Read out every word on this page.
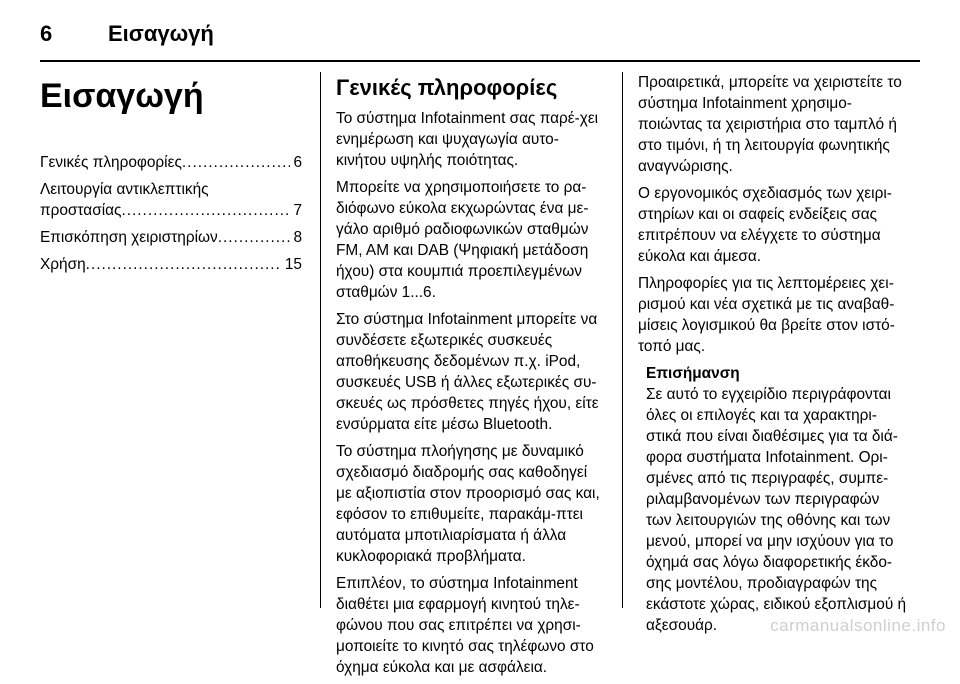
6	Εισαγωγή
Εισαγωγή
Γενικές πληροφορίες .....	6
Λειτουργία αντικλεπτικής
προστασίας .....	7
Επισκόπηση χειριστηρίων .....	8
Χρήση .....	15
Γενικές πληροφορίες

Το σύστημα Infotainment σας παρέ-χει ενημέρωση και ψυχαγωγία αυτο-κινήτου υψηλής ποιότητας.

Μπορείτε να χρησιμοποιήσετε το ρα-διόφωνο εύκολα εκχωρώντας ένα με-γάλο αριθμό ραδιοφωνικών σταθμών FM, AM και DAB (Ψηφιακή μετάδοση ήχου) στα κουμπιά προεπιλεγμένων σταθμών 1...6.

Στο σύστημα Infotainment μπορείτε να συνδέσετε εξωτερικές συσκευές αποθήκευσης δεδομένων π.χ. iPod, συσκευές USB ή άλλες εξωτερικές συ-σκευές ως πρόσθετες πηγές ήχου, είτε ενσύρματα είτε μέσω Bluetooth.

Το σύστημα πλοήγησης με δυναμικό σχεδιασμό διαδρομής σας καθοδηγεί με αξιοπιστία στον προορισμό σας και, εφόσον το επιθυμείτε, παρακάμ-πτει αυτόματα μποτιλιαρίσματα ή άλλα κυκλοφοριακά προβλήματα.

Επιπλέον, το σύστημα Infotainment διαθέτει μια εφαρμογή κινητού τηλε-φώνου που σας επιτρέπει να χρησι-μοποιείτε το κινητό σας τηλέφωνο στο όχημα εύκολα και με ασφάλεια.

Προαιρετικά, μπορείτε να χειριστείτε το σύστημα Infotainment χρησιμο-ποιώντας τα χειριστήρια στο ταμπλό ή στο τιμόνι, ή τη λειτουργία φωνητικής αναγνώρισης.

Ο εργονομικός σχεδιασμός των χειρι-στηρίων και οι σαφείς ενδείξεις σας επιτρέπουν να ελέγχετε το σύστημα εύκολα και άμεσα.

Πληροφορίες για τις λεπτομέρειες χει-ρισμού και νέα σχετικά με τις αναβαθ-μίσεις λογισμικού θα βρείτε στον ιστό-τοπό μας.

Επισήμανση
Σε αυτό το εγχειρίδιο περιγράφονται όλες οι επιλογές και τα χαρακτηρι-στικά που είναι διαθέσιμες για τα διά-φορα συστήματα Infotainment. Ορι-σμένες από τις περιγραφές, συμπε-ριλαμβανομένων των περιγραφών των λειτουργιών της οθόνης και των μενού, μπορεί να μην ισχύουν για το όχημά σας λόγω διαφορετικής έκδο-σης μοντέλου, προδιαγραφών της εκάστοτε χώρας, ειδικού εξοπλισμού ή αξεσουάρ.	carmanualsonline.info
